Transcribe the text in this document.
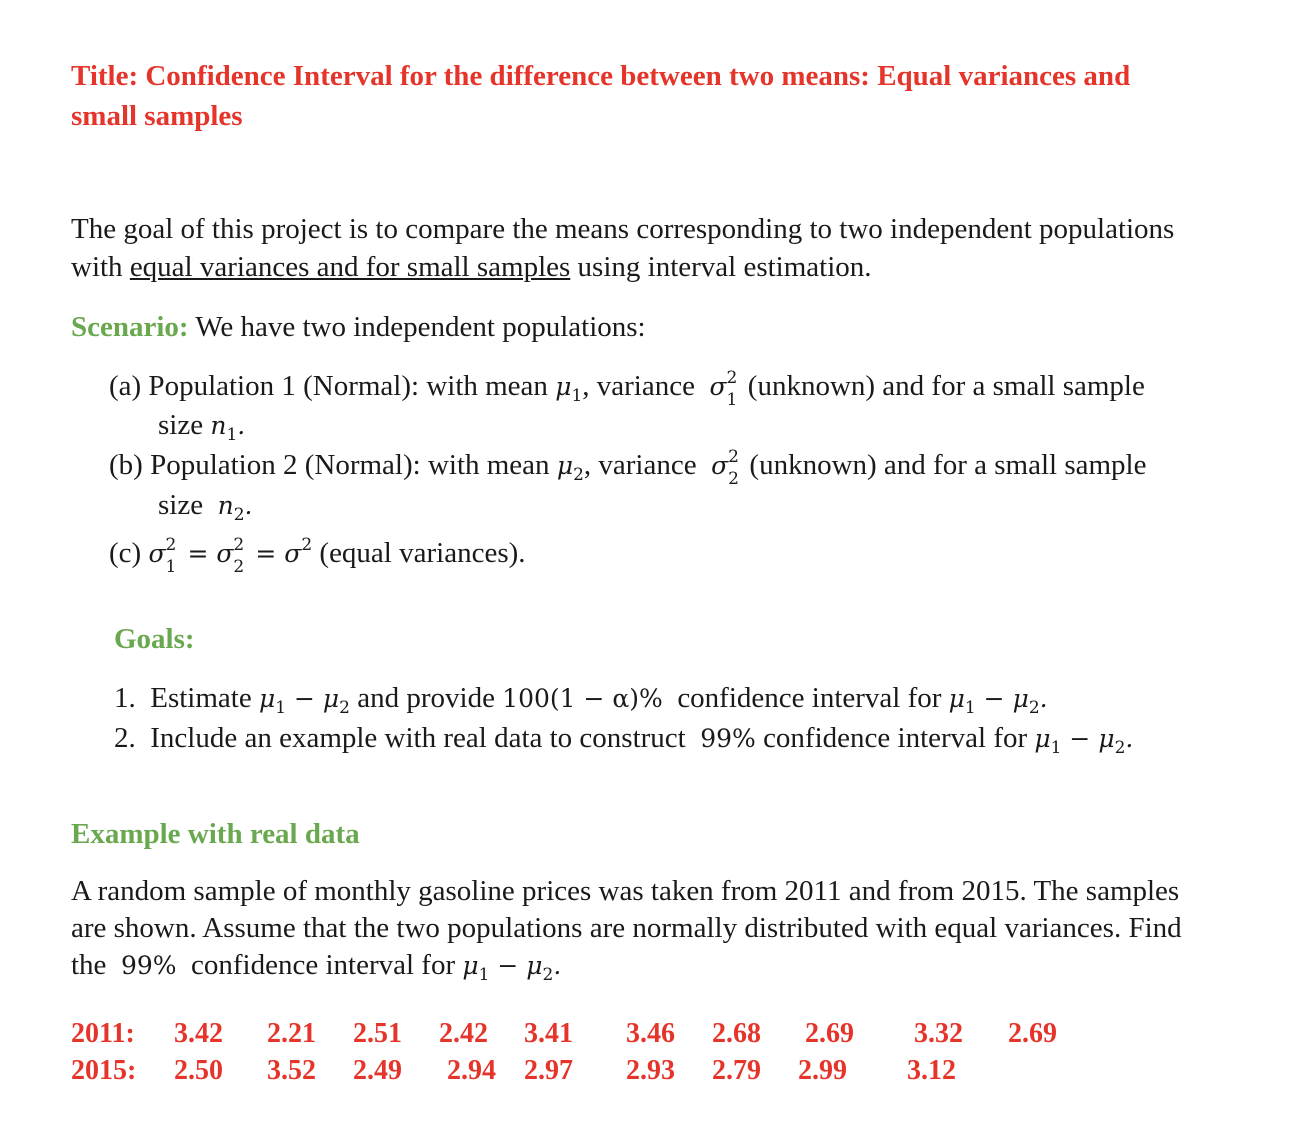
Title: Confidence Interval for the difference between two means: Equal variances and
small samples
The goal of this project is to compare the means corresponding to two independent populations
with equal variances and for small samples using interval estimation.
Scenario: We have two independent populations:
(a) Population 1 (Normal): with mean $\mu_1$, variance σ 2
1 (unknown) and for a small sample
size $n_1$.
(b) Population 2 (Normal): with mean $\mu_2$, variance σ 2
2 (unknown) and for a small sample
size $n_2$.
(c) σ 2
1 = σ 2
$2 = \sigma^2$ (equal variances).
Goals:
1. Estimate $\mu_1 - \mu_2$ and provide 100(1 − α)% confidence interval for $\mu_1 - \mu_2$.
2. Include an example with real data to construct 99% confidence interval for $\mu_1 - \mu_2$.
Example with real data
A random sample of monthly gasoline prices was taken from 2011 and from 2015. The samples
are shown. Assume that the two populations are normally distributed with equal variances. Find
the 99% confidence interval for $\mu_1 - \mu_2$.
2011: 3.42 2.21 2.51 2.42 3.41 3.46 2.68 2.69 3.32 2.69
2015: 2.50 3.52 2.49 2.94 2.97 2.93 2.79 2.99 3.12
